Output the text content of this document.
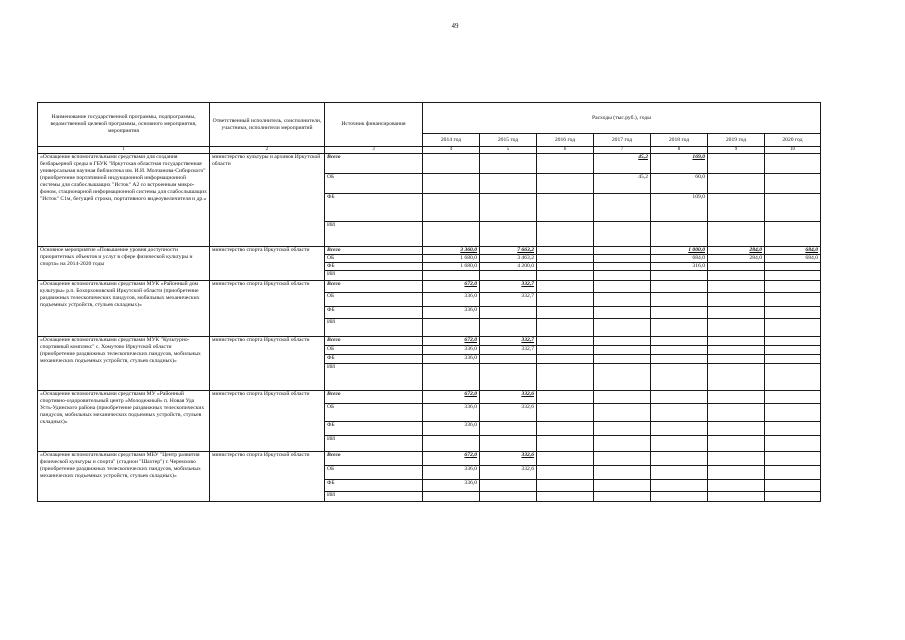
49
Наименование государственной программы, подпрограммы, ведомственной целевой программы, основного мероприятия, мероприятия	Ответственный исполнитель, соисполнители, участники, исполнители мероприятий	Источник финансирования	Расходы (тыс.руб.), годы						
			2014 год	2015 год	2016 год	2017 год	2018 год	2019 год	2020 год
1	2	3	4	5	6	7	8	9	10
«Оснащение вспомогательными средствами для создания безбарьерной среды в ГБУК "Иркутская областная государственная универсальная научная библиотека им. И.И. Молчанова-Сибирского" (приобретение портативной индукционной информационной системы для слабослышащих "Исток" А2 со встроенным микрофоном, стационарной информационной системы для слабослышащих "Исток" С1м, бегущей строки, портативного видеоувеличителя и др.»	министерство культуры и архивов Иркутской области	Всего				45,2	169,0		
		ОБ				45,2	60,0		
		ФБ					109,0		
		ИИ							
Основное мероприятие «Повышение уровня доступности приоритетных объектов и услуг в сфере физической культуры и спорта» на 2014-2020 годы	министерство спорта Иркутской области	Всего	3 360,0	7 663,2			1 000,0	284,0	684,0
		ОБ	1 680,0	3 463,2			684,0	284,0	684,0
		ФБ	1 680,0	4 200,0			316,0		
		ИИ							
«Оснащение вспомогательными средствами МУК «Районный дом культуры» р.п. Бохорхоновский Иркутской области (приобретение раздвижных телескопических пандусов, мобильных механических подъемных устройств, стульев складных)»	министерство спорта Иркутской области	Всего	672,0	332,7					
		ОБ	336,0	332,7					
		ФБ	336,0						
		ИИ							
«Оснащение вспомогательными средствами МУК "Культурно-спортивный комплекс" с. Хомутово Иркутской области (приобретение раздвижных телескопических пандусов, мобильных механических подъемных устройств, стульев складных)»	министерство спорта Иркутской области	Всего	672,0	332,7					
		ОБ	336,0	332,7					
		ФБ	336,0						
		ИИ							
«Оснащение вспомогательными средствами МУ «Районный спортивно-оздоровительный центр «Молодежный» п. Новая Уда Усть-Удинского района (приобретение раздвижных телескопических пандусов, мобильных механических подъемных устройств, стульев складных)»	министерство спорта Иркутской области	Всего	672,0	332,6					
		ОБ	336,0	332,6					
		ФБ	336,0						
		ИИ							
«Оснащение вспомогательными средствами МБУ "Центр развития физической культуры и спорта" (стадион "Шахтер") г. Черемхово (приобретение раздвижных телескопических пандусов, мобильных механических подъемных устройств, стульев складных)»	министерство спорта Иркутской области	Всего	672,0	332,6					
		ОБ	336,0	332,6					
		ФБ	336,0						
		ИИ							
